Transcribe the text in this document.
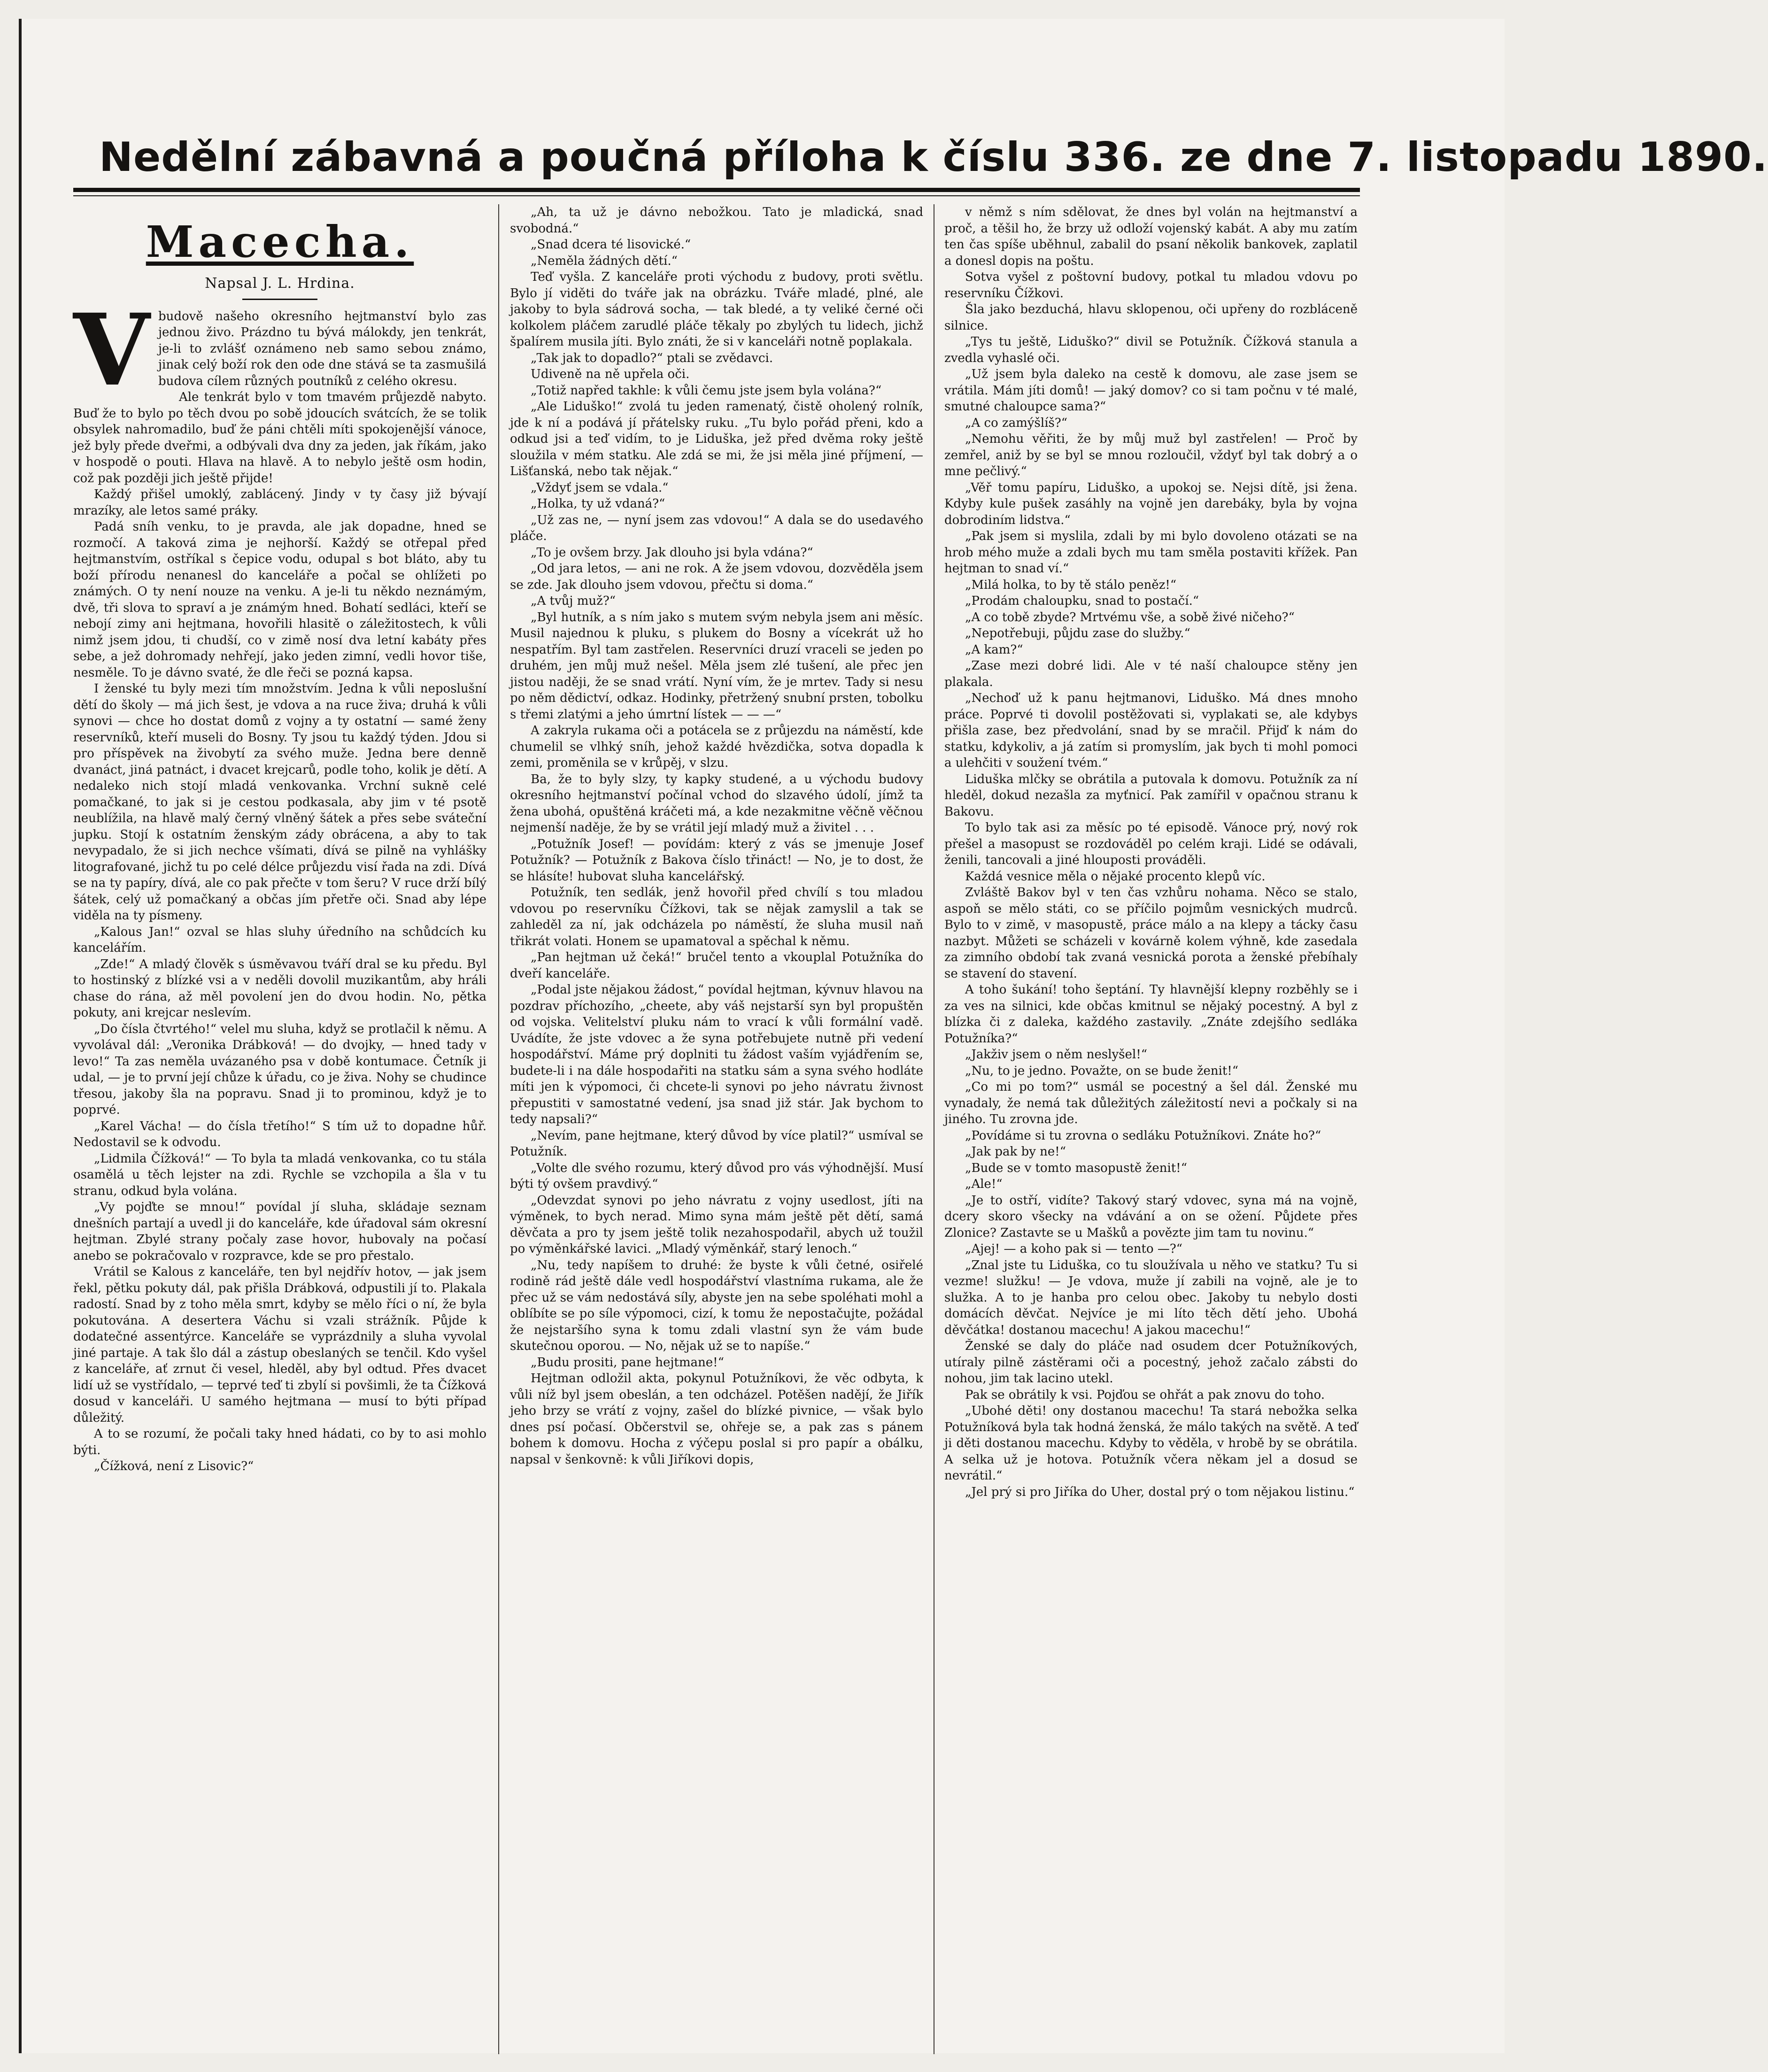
Nedělní zábavná a poučná příloha k číslu 336. ze dne 7. listopadu 1890.
Macecha.
Napsal J. L. Hrdina.
V budově našeho okresního hejtmanství bylo zas jednou živo. Prázdno tu bývá málokdy, jen tenkrát, je-li to zvlášť oznámeno neb samo sebou známo, jinak celý boží rok den ode dne stává se ta zasmušilá budova cílem různých poutníků z celého okresu.

Ale tenkrát bylo v tom tmavém průjezdě nabyto. Buď že to bylo po těch dvou po sobě jdoucích svátcích, že se tolik obsylek nahromadilo, buď že páni chtěli míti spokojenější vánoce, jež byly přede dveřmi, a odbývali dva dny za jeden, jak říkám, jako v hospodě o pouti. Hlava na hlavě. A to nebylo ještě osm hodin, což pak později jich ještě přijde!

Každý přišel umoklý, zablácený. Jindy v ty časy již bývají mrazíky, ale letos samé práky.

Padá sníh venku, to je pravda, ale jak dopadne, hned se rozmočí. A taková zima je nejhorší. Každý se otřepal před hejtmanstvím, ostříkal s čepice vodu, odupal s bot bláto, aby tu boží přírodu nenanesl do kanceláře a počal se ohlížeti po známých. O ty není nouze na venku. A je-li tu někdo neznámým, dvě, tři slova to spraví a je známým hned. Bohatí sedláci, kteří se nebojí zimy ani hejtmana, hovořili hlasitě o záležitostech, k vůli nimž jsem jdou, ti chudší, co v zimě nosí dva letní kabáty přes sebe, a jež dohromady nehřejí, jako jeden zimní, vedli hovor tiše, nesměle. To je dávno svaté, že dle řeči se pozná kapsa.

I ženské tu byly mezi tím množstvím. Jedna k vůli neposlušní dětí do školy — má jich šest, je vdova a na ruce živa; druhá k vůli synovi — chce ho dostat domů z vojny a ty ostatní — samé ženy reservníků, kteří museli do Bosny. Ty jsou tu každý týden. Jdou si pro příspěvek na živobytí za svého muže. Jedna bere denně dvanáct, jiná patnáct, i dvacet krejcarů, podle toho, kolik je dětí. A nedaleko nich stojí mladá venkovanka. Vrchní sukně celé pomačkané, to jak si je cestou podkasala, aby jim v té psotě neublížila, na hlavě malý černý vlněný šátek a přes sebe sváteční jupku. Stojí k ostatním ženským zády obrácena, a aby to tak nevypadalo, že si jich nechce všímati, dívá se pilně na vyhlášky litografované, jichž tu po celé délce průjezdu visí řada na zdi. Dívá se na ty papíry, dívá, ale co pak přečte v tom šeru? V ruce drží bílý šátek, celý už pomačkaný a občas jím přetře oči. Snad aby lépe viděla na ty písmeny.

„Kalous Jan!“ ozval se hlas sluhy úředního na schůdcích ku kancelářím.

„Zde!“ A mladý člověk s úsměvavou tváří dral se ku předu. Byl to hostinský z blízké vsi a v neděli dovolil muzikantům, aby hráli chase do rána, až měl povolení jen do dvou hodin. No, pětka pokuty, ani krejcar neslevím.

„Do čísla čtvrtého!“ velel mu sluha, když se protlačil k němu. A vyvolával dál: „Veronika Drábková! — do dvojky, — hned tady v levo!“ Ta zas neměla uvázaného psa v době kontumace. Četník ji udal, — je to první její chůze k úřadu, co je živa. Nohy se chudince třesou, jakoby šla na popravu. Snad ji to prominou, když je to poprvé.

„Karel Vácha! — do čísla třetího!“ S tím už to dopadne hůř. Nedostavil se k odvodu.

„Lidmila Čížková!“ — To byla ta mladá venkovanka, co tu stála osamělá u těch lejster na zdi. Rychle se vzchopila a šla v tu stranu, odkud byla volána.

„Vy pojďte se mnou!“ povídal jí sluha, skládaje seznam dnešních partají a uvedl ji do kanceláře, kde úřadoval sám okresní hejtman. Zbylé strany počaly zase hovor, hubovaly na počasí anebo se pokračovalo v rozpravce, kde se pro přestalo.

Vrátil se Kalous z kanceláře, ten byl nejdřív hotov, — jak jsem řekl, pětku pokuty dál, pak přišla Drábková, odpustili jí to. Plakala radostí. Snad by z toho měla smrt, kdyby se mělo říci o ní, že byla pokutována. A desertera Váchu si vzali strážník. Půjde k dodatečné assentýrce. Kanceláře se vyprázdnily a sluha vyvolal jiné partaje. A tak šlo dál a zástup obeslaných se tenčil. Kdo vyšel z kanceláře, ať zrnut či vesel, hleděl, aby byl odtud. Přes dvacet lidí už se vystřídalo, — teprvé teď ti zbylí si povšimli, že ta Čížková dosud v kanceláři. U samého hejtmana — musí to býti případ důležitý.

A to se rozumí, že počali taky hned hádati, co by to asi mohlo býti.

„Čížková, není z Lisovic?“

„Ah, ta už je dávno nebožkou. Tato je mladická, snad svobodná.“

„Snad dcera té lisovické.“

„Neměla žádných dětí.“

Teď vyšla. Z kanceláře proti východu z budovy, proti světlu. Bylo jí viděti do tváře jak na obrázku. Tváře mladé, plné, ale jakoby to byla sádrová socha, — tak bledé, a ty veliké černé oči kolkolem pláčem zarudlé pláče těkaly po zbylých tu lidech, jichž špalírem musila jíti. Bylo znáti, že si v kanceláři notně poplakala.

„Tak jak to dopadlo?“ ptali se zvědavci.

Udiveně na ně upřela oči.

„Totiž napřed takhle: k vůli čemu jste jsem byla volána?“

„Ale Liduško!“ zvolá tu jeden ramenatý, čistě oholený rolník, jde k ní a podává jí přátelsky ruku. „Tu bylo pořád přeni, kdo a odkud jsi a teď vidím, to je Liduška, jež před dvěma roky ještě sloužila v mém statku. Ale zdá se mi, že jsi měla jiné příjmení, — Lišťanská, nebo tak nějak.“

„Vždyť jsem se vdala.“

„Holka, ty už vdaná?“

„Už zas ne, — nyní jsem zas vdovou!“ A dala se do usedavého pláče.

„To je ovšem brzy. Jak dlouho jsi byla vdána?“

„Od jara letos, — ani ne rok. A že jsem vdovou, dozvěděla jsem se zde. Jak dlouho jsem vdovou, přečtu si doma.“

„A tvůj muž?“

„Byl hutník, a s ním jako s mutem svým nebyla jsem ani měsíc. Musil najednou k pluku, s plukem do Bosny a vícekrát už ho nespatřím. Byl tam zastřelen. Reservníci druzí vraceli se jeden po druhém, jen můj muž nešel. Měla jsem zlé tušení, ale přec jen jistou naději, že se snad vrátí. Nyní vím, že je mrtev. Tady si nesu po něm dědictví, odkaz. Hodinky, přetržený snubní prsten, tobolku s třemi zlatými a jeho úmrtní lístek — — —“

A zakryla rukama oči a potácela se z průjezdu na náměstí, kde chumelil se vlhký sníh, jehož každé hvězdička, sotva dopadla k zemi, proměnila se v krůpěj, v slzu.

Ba, že to byly slzy, ty kapky studené, a u východu budovy okresního hejtmanství počínal vchod do slzavého údolí, jímž ta žena ubohá, opuštěná kráčeti má, a kde nezakmitne věčně věčnou nejmenší naděje, že by se vrátil její mladý muž a živitel . . .

„Potužník Josef! — povídám: který z vás se jmenuje Josef Potužník? — Potužník z Bakova číslo třináct! — No, je to dost, že se hlásíte! hubovat sluha kancelářský.

Potužník, ten sedlák, jenž hovořil před chvílí s tou mladou vdovou po reservníku Čížkovi, tak se nějak zamyslil a tak se zahleděl za ní, jak odcházela po náměstí, že sluha musil naň třikrát volati. Honem se upamatoval a spěchal k němu.

„Pan hejtman už čeká!“ bručel tento a vkouplal Potužníka do dveří kanceláře.

„Podal jste nějakou žádost,“ povídal hejtman, kývnuv hlavou na pozdrav příchozího, „cheete, aby váš nejstarší syn byl propuštěn od vojska. Velitelství pluku nám to vrací k vůli formální vadě. Uvádíte, že jste vdovec a že syna potřebujete nutně při vedení hospodářství. Máme prý doplniti tu žádost vaším vyjádřením se, budete-li i na dále hospodařiti na statku sám a syna svého hodláte míti jen k výpomoci, či chcete-li synovi po jeho návratu živnost přepustiti v samostatné vedení, jsa snad již stár. Jak bychom to tedy napsali?“

„Nevím, pane hejtmane, který důvod by více platil?“ usmíval se Potužník.

„Volte dle svého rozumu, který důvod pro vás výhodnější. Musí býti tý ovšem pravdivý.“

„Odevzdat synovi po jeho návratu z vojny usedlost, jíti na výměnek, to bych nerad. Mimo syna mám ještě pět dětí, samá děvčata a pro ty jsem ještě tolik nezahospodařil, abych už toužil po výměnkářské lavici. „Mladý výměnkář, starý lenoch.“

„Nu, tedy napíšem to druhé: že byste k vůli četné, osiřelé rodině rád ještě dále vedl hospodářství vlastníma rukama, ale že přec už se vám nedostává síly, abyste jen na sebe spoléhati mohl a oblíbíte se po síle výpomoci, cizí, k tomu že nepostačujte, požádal že nejstaršího syna k tomu zdali vlastní syn že vám bude skutečnou oporou. — No, nějak už se to napíše.“

„Budu prositi, pane hejtmane!“

Hejtman odložil akta, pokynul Potužníkovi, že věc odbyta, k vůli níž byl jsem obeslán, a ten odcházel. Potěšen nadějí, že Jiřík jeho brzy se vrátí z vojny, zašel do blízké pivnice, — však bylo dnes psí počasí. Občerstvil se, ohřeje se, a pak zas s pánem bohem k domovu. Hocha z výčepu poslal si pro papír a obálku, napsal v šenkovně: k vůli Jiříkovi dopis,

v němž s ním sdělovat, že dnes byl volán na hejtmanství a proč, a těšil ho, že brzy už odloží vojenský kabát. A aby mu zatím ten čas spíše uběhnul, zabalil do psaní několik bankovek, zaplatil a donesl dopis na poštu.

Sotva vyšel z poštovní budovy, potkal tu mladou vdovu po reservníku Čížkovi.

Šla jako bezduchá, hlavu sklopenou, oči upřeny do rozbláceně silnice.

„Tys tu ještě, Liduško?“ divil se Potužník. Čížková stanula a zvedla vyhaslé oči.

„Už jsem byla daleko na cestě k domovu, ale zase jsem se vrátila. Mám jíti domů! — jaký domov? co si tam počnu v té malé, smutné chaloupce sama?“

„A co zamýšlíš?“

„Nemohu věřiti, že by můj muž byl zastřelen! — Proč by zemřel, aniž by se byl se mnou rozloučil, vždyť byl tak dobrý a o mne pečlivý.“

„Věř tomu papíru, Liduško, a upokoj se. Nejsi dítě, jsi žena. Kdyby kule pušek zasáhly na vojně jen darebáky, byla by vojna dobrodiním lidstva.“

„Pak jsem si myslila, zdali by mi bylo dovoleno otázati se na hrob mého muže a zdali bych mu tam směla postaviti křížek. Pan hejtman to snad ví.“

„Milá holka, to by tě stálo peněz!“

„Prodám chaloupku, snad to postačí.“

„A co tobě zbyde? Mrtvému vše, a sobě živé ničeho?“

„Nepotřebuji, půjdu zase do služby.“

„A kam?“

„Zase mezi dobré lidi. Ale v té naší chaloupce stěny jen plakala.

„Nechoď už k panu hejtmanovi, Liduško. Má dnes mnoho práce. Poprvé ti dovolil postěžovati si, vyplakati se, ale kdybys přišla zase, bez předvolání, snad by se mračil. Přijď k nám do statku, kdykoliv, a já zatím si promyslím, jak bych ti mohl pomoci a ulehčiti v soužení tvém.“

Liduška mlčky se obrátila a putovala k domovu. Potužník za ní hleděl, dokud nezašla za myťnicí. Pak zamířil v opačnou stranu k Bakovu.

To bylo tak asi za měsíc po té episodě. Vánoce prý, nový rok přešel a masopust se rozdováděl po celém kraji. Lidé se odávali, ženili, tancovali a jiné hlouposti prováděli.

Každá vesnice měla o nějaké procento klepů víc.

Zvláště Bakov byl v ten čas vzhůru nohama. Něco se stalo, aspoň se mělo státi, co se příčilo pojmům vesnických mudrců. Bylo to v zimě, v masopustě, práce málo a na klepy a tácky času nazbyt. Můžeti se scházeli v kovárně kolem výhně, kde zasedala za zimního období tak zvaná vesnická porota a ženské přebíhaly se stavení do stavení.

A toho šukání! toho šeptání. Ty hlavnější klepny rozběhly se i za ves na silnici, kde občas kmitnul se nějaký pocestný. A byl z blízka či z daleka, každého zastavily. „Znáte zdejšího sedláka Potužníka?“

„Jakživ jsem o něm neslyšel!“

„Nu, to je jedno. Považte, on se bude ženit!“

„Co mi po tom?“ usmál se pocestný a šel dál. Ženské mu vynadaly, že nemá tak důležitých záležitostí nevi a počkaly si na jiného. Tu zrovna jde.

„Povídáme si tu zrovna o sedláku Potužníkovi. Znáte ho?“

„Jak pak by ne!“

„Bude se v tomto masopustě ženit!“

„Ale!“

„Je to ostří, vidíte? Takový starý vdovec, syna má na vojně, dcery skoro všecky na vdávání a on se ožení. Půjdete přes Zlonice? Zastavte se u Mašků a povězte jim tam tu novinu.“

„Ajej! — a koho pak si — tento —?“

„Znal jste tu Liduška, co tu sloužívala u něho ve statku? Tu si vezme! služku! — Je vdova, muže jí zabili na vojně, ale je to služka. A to je hanba pro celou obec. Jakoby tu nebylo dosti domácích děvčat. Nejvíce je mi líto těch dětí jeho. Ubohá děvčátka! dostanou macechu! A jakou macechu!“

Ženské se daly do pláče nad osudem dcer Potužníkových, utíraly pilně zástěrami oči a pocestný, jehož začalo zábsti do nohou, jim tak lacino utekl.

Pak se obrátily k vsi. Pojďou se ohřát a pak znovu do toho.

„Ubohé děti! ony dostanou macechu! Ta stará nebožka selka Potužníková byla tak hodná ženská, že málo takých na světě. A teď ji děti dostanou macechu. Kdyby to věděla, v hrobě by se obrátila. A selka už je hotova. Potužník včera někam jel a dosud se nevrátil.“

„Jel prý si pro Jiříka do Uher, dostal prý o tom nějakou listinu.“
